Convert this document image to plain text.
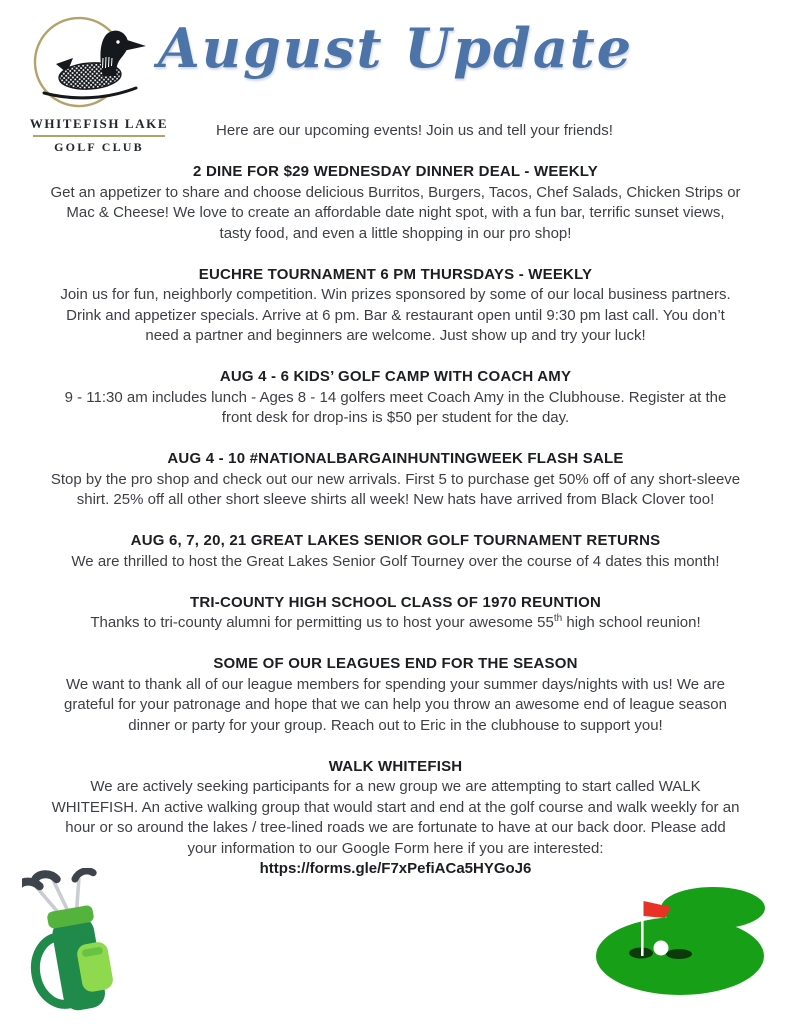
WHITEFISH LAKE
GOLF CLUB
August Update

Here are our upcoming events! Join us and tell your friends!

2 DINE FOR $29 WEDNESDAY DINNER DEAL - WEEKLY

Get an appetizer to share and choose delicious Burritos, Burgers, Tacos, Chef Salads, Chicken Strips or Mac & Cheese! We love to create an affordable date night spot, with a fun bar, terrific sunset views, tasty food, and even a little shopping in our pro shop!

EUCHRE TOURNAMENT 6 PM THURSDAYS - WEEKLY

Join us for fun, neighborly competition. Win prizes sponsored by some of our local business partners. Drink and appetizer specials. Arrive at 6 pm. Bar & restaurant open until 9:30 pm last call. You don’t need a partner and beginners are welcome. Just show up and try your luck!

AUG 4 - 6 KIDS’ GOLF CAMP WITH COACH AMY

9 - 11:30 am includes lunch - Ages 8 - 14 golfers meet Coach Amy in the Clubhouse. Register at the front desk for drop-ins is $50 per student for the day.

AUG 4 - 10 #NATIONALBARGAINHUNTINGWEEK FLASH SALE

Stop by the pro shop and check out our new arrivals. First 5 to purchase get 50% off of any short-sleeve shirt. 25% off all other short sleeve shirts all week! New hats have arrived from Black Clover too!

AUG 6, 7, 20, 21 GREAT LAKES SENIOR GOLF TOURNAMENT RETURNS

We are thrilled to host the Great Lakes Senior Golf Tourney over the course of 4 dates this month!

TRI-COUNTY HIGH SCHOOL CLASS OF 1970 REUNTION

Thanks to tri-county alumni for permitting us to host your awesome 55th high school reunion!

SOME OF OUR LEAGUES END FOR THE SEASON

We want to thank all of our league members for spending your summer days/nights with us! We are grateful for your patronage and hope that we can help you throw an awesome end of league season dinner or party for your group. Reach out to Eric in the clubhouse to support you!

WALK WHITEFISH

We are actively seeking participants for a new group we are attempting to start called WALK WHITEFISH. An active walking group that would start and end at the golf course and walk weekly for an hour or so around the lakes / tree-lined roads we are fortunate to have at our back door. Please add your information to our Google Form here if you are interested:

https://forms.gle/F7xPefiACa5HYGoJ6
